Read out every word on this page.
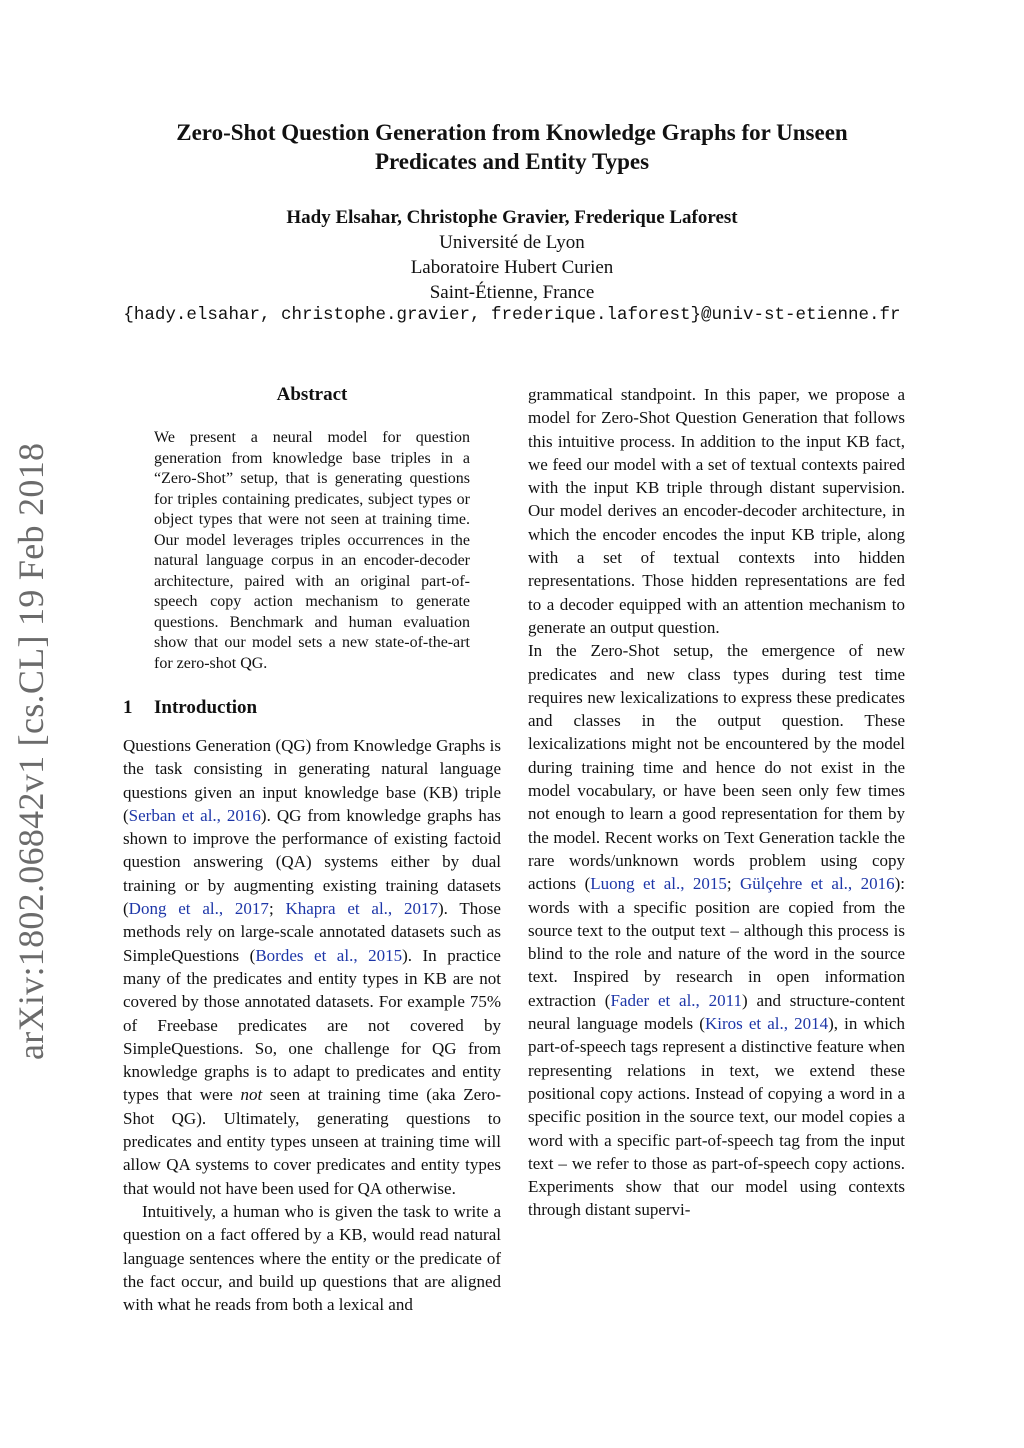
Zero-Shot Question Generation from Knowledge Graphs for Unseen
Predicates and Entity Types
Hady Elsahar, Christophe Gravier, Frederique Laforest
Université de Lyon
Laboratoire Hubert Curien
Saint-Étienne, France
{hady.elsahar, christophe.gravier, frederique.laforest}@univ-st-etienne.fr
arXiv:1802.06842v1 [cs.CL] 19 Feb 2018
Abstract

We present a neural model for question generation from knowledge base triples in a “Zero-Shot” setup, that is generating questions for triples containing predicates, subject types or object types that were not seen at training time. Our model leverages triples occurrences in the natural language corpus in an encoder-decoder architecture, paired with an original part-of-speech copy action mechanism to generate questions. Benchmark and human evaluation show that our model sets a new state-of-the-art for zero-shot QG.

1 Introduction

Questions Generation (QG) from Knowledge Graphs is the task consisting in generating natural language questions given an input knowledge base (KB) triple (Serban et al., 2016). QG from knowledge graphs has shown to improve the performance of existing factoid question answering (QA) systems either by dual training or by augmenting existing training datasets (Dong et al., 2017; Khapra et al., 2017). Those methods rely on large-scale annotated datasets such as SimpleQuestions (Bordes et al., 2015). In practice many of the predicates and entity types in KB are not covered by those annotated datasets. For example 75% of Freebase predicates are not covered by SimpleQuestions. So, one challenge for QG from knowledge graphs is to adapt to predicates and entity types that were not seen at training time (aka Zero-Shot QG). Ultimately, generating questions to predicates and entity types unseen at training time will allow QA systems to cover predicates and entity types that would not have been used for QA otherwise.

Intuitively, a human who is given the task to write a question on a fact offered by a KB, would read natural language sentences where the entity or the predicate of the fact occur, and build up questions that are aligned with what he reads from both a lexical and

grammatical standpoint. In this paper, we propose a model for Zero-Shot Question Generation that follows this intuitive process. In addition to the input KB fact, we feed our model with a set of textual contexts paired with the input KB triple through distant supervision. Our model derives an encoder-decoder architecture, in which the encoder encodes the input KB triple, along with a set of textual contexts into hidden representations. Those hidden representations are fed to a decoder equipped with an attention mechanism to generate an output question.

In the Zero-Shot setup, the emergence of new predicates and new class types during test time requires new lexicalizations to express these predicates and classes in the output question. These lexicalizations might not be encountered by the model during training time and hence do not exist in the model vocabulary, or have been seen only few times not enough to learn a good representation for them by the model. Recent works on Text Generation tackle the rare words/unknown words problem using copy actions (Luong et al., 2015; Gülçehre et al., 2016): words with a specific position are copied from the source text to the output text – although this process is blind to the role and nature of the word in the source text. Inspired by research in open information extraction (Fader et al., 2011) and structure-content neural language models (Kiros et al., 2014), in which part-of-speech tags represent a distinctive feature when representing relations in text, we extend these positional copy actions. Instead of copying a word in a specific position in the source text, our model copies a word with a specific part-of-speech tag from the input text – we refer to those as part-of-speech copy actions. Experiments show that our model using contexts through distant supervi-
